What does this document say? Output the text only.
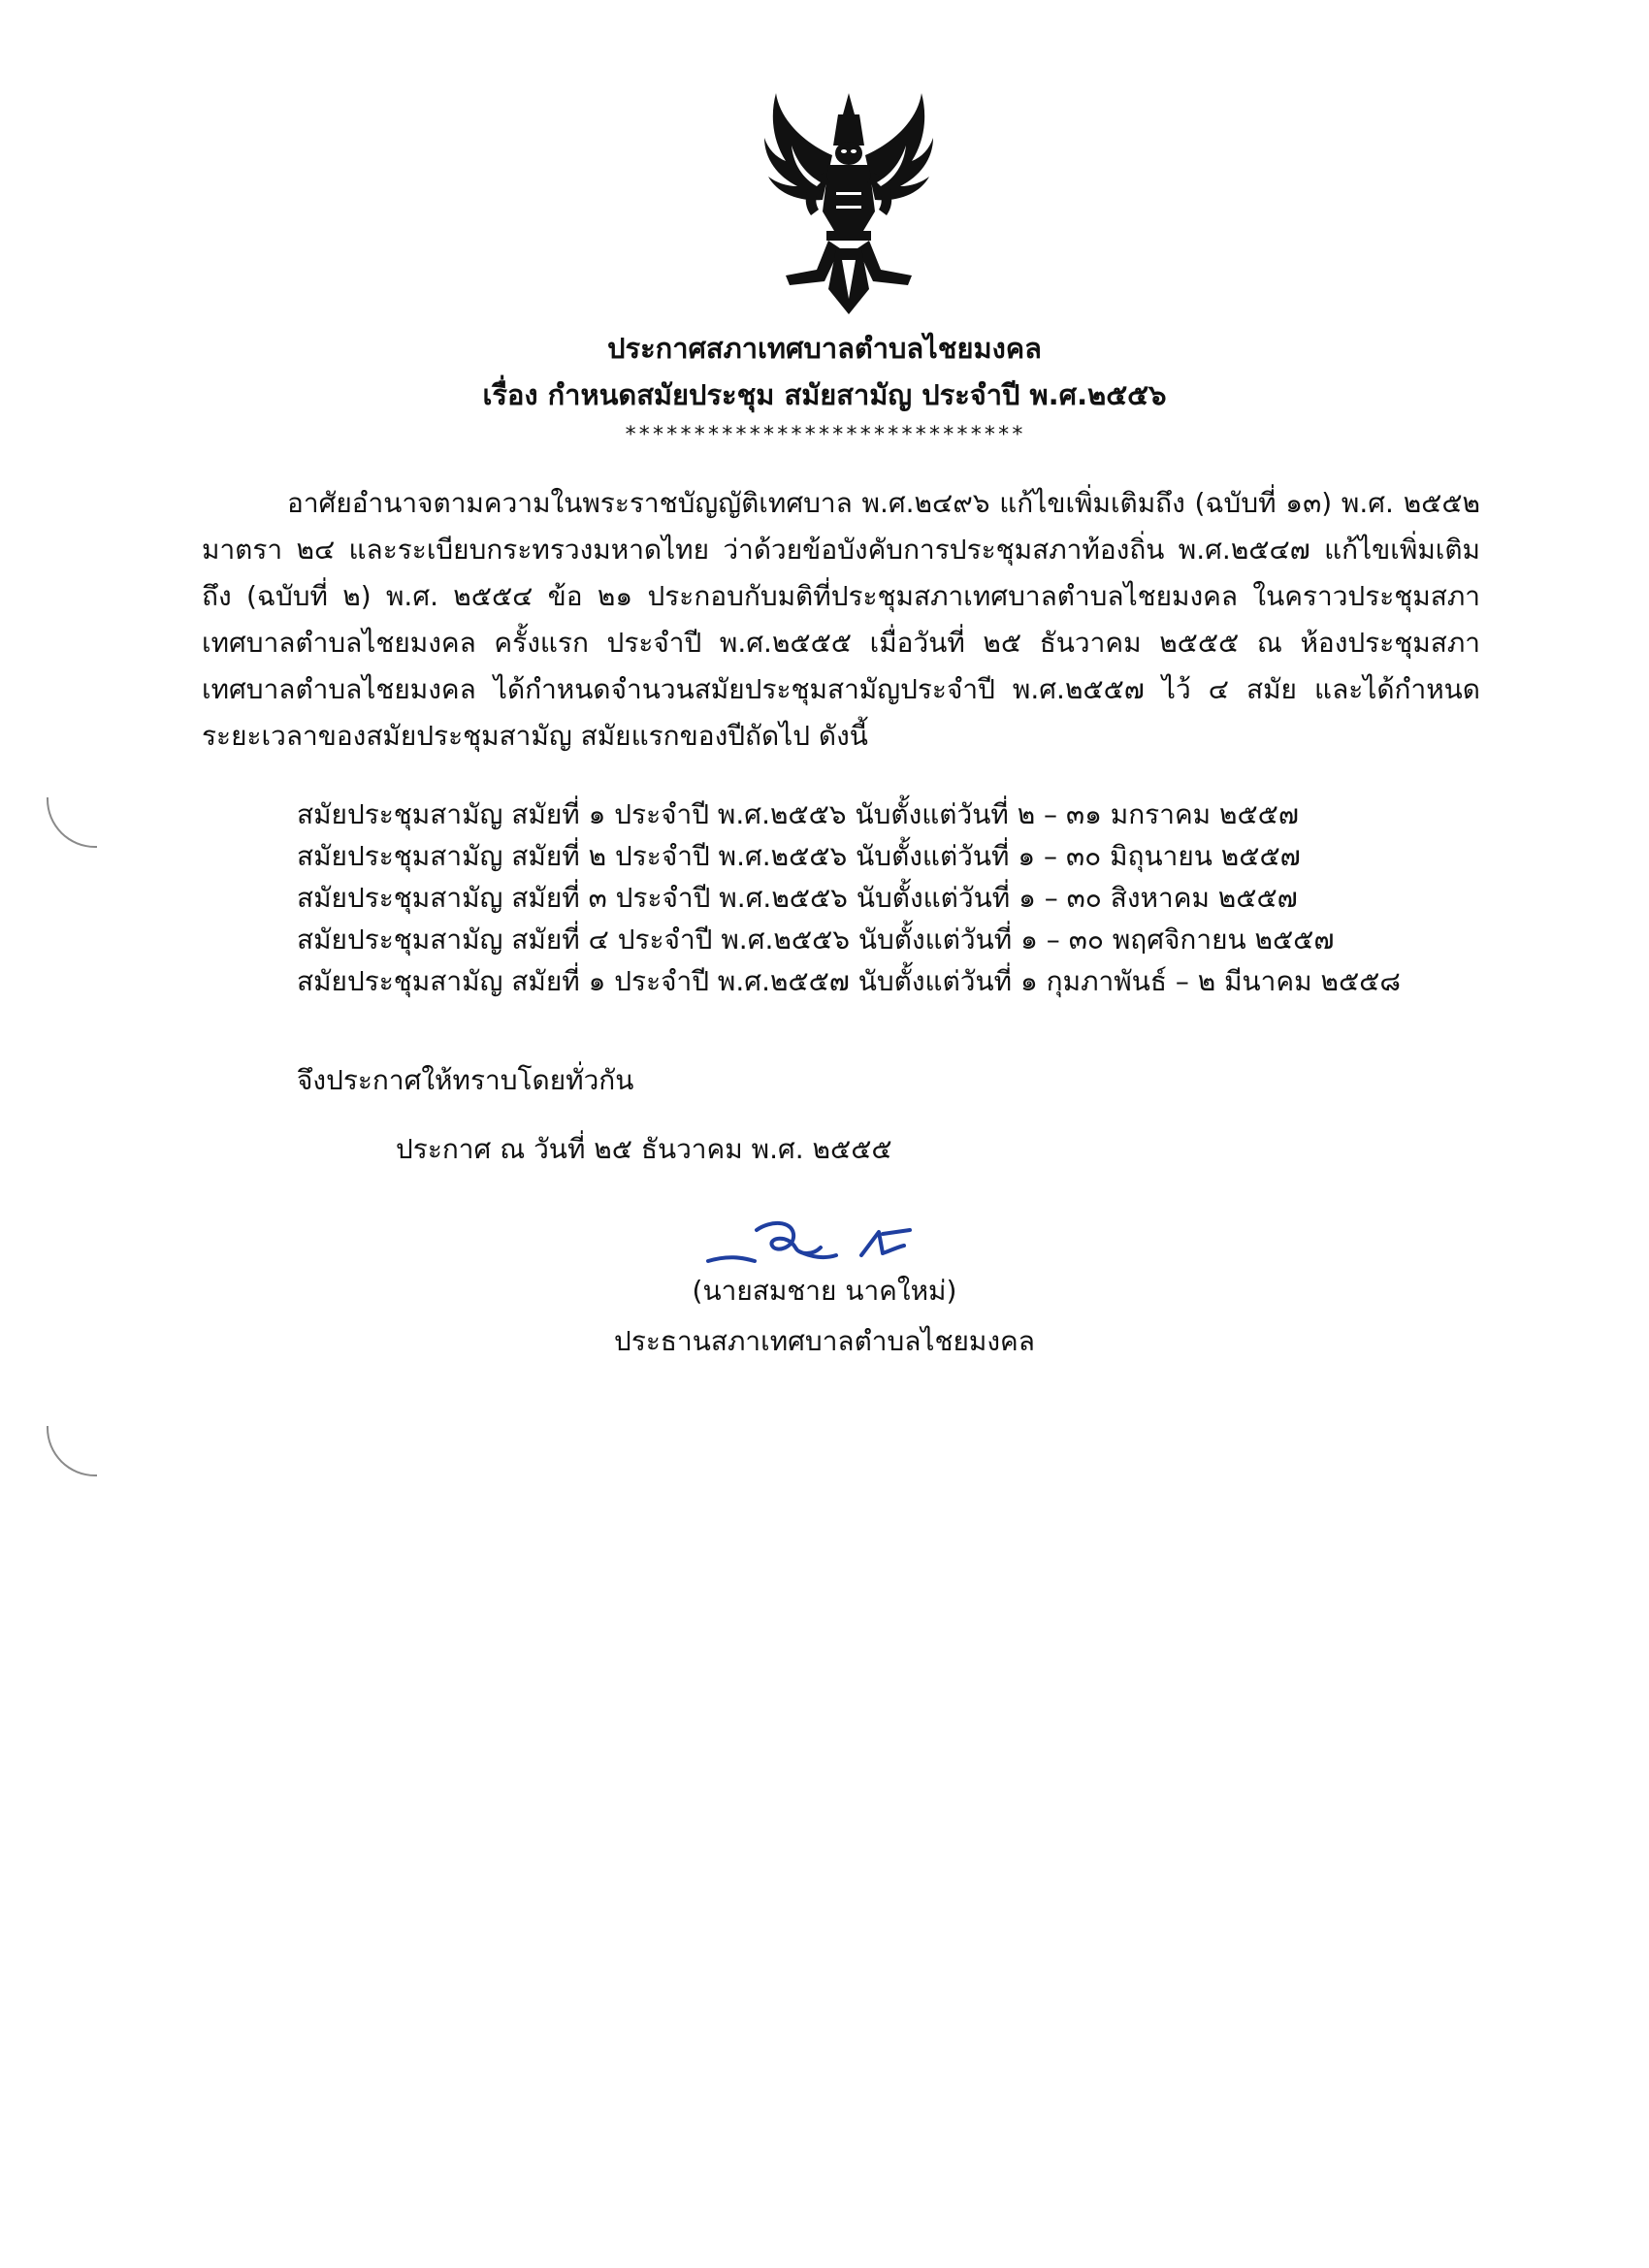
ประกาศสภาเทศบาลตำบลไชยมงคล
เรื่อง กำหนดสมัยประชุม สมัยสามัญ ประจำปี พ.ศ.๒๕๕๖
*****************************
อาศัยอำนาจตามความในพระราชบัญญัติเทศบาล พ.ศ.๒๔๙๖ แก้ไขเพิ่มเติมถึง (ฉบับที่ ๑๓) พ.ศ. ๒๕๕๒ มาตรา ๒๔ และระเบียบกระทรวงมหาดไทย ว่าด้วยข้อบังคับการประชุมสภาท้องถิ่น พ.ศ.๒๕๔๗ แก้ไขเพิ่มเติมถึง (ฉบับที่ ๒) พ.ศ. ๒๕๕๔ ข้อ ๒๑ ประกอบกับมติที่ประชุมสภาเทศบาลตำบลไชยมงคล ในคราวประชุมสภาเทศบาลตำบลไชยมงคล ครั้งแรก ประจำปี พ.ศ.๒๕๕๕ เมื่อวันที่ ๒๕ ธันวาคม ๒๕๕๕ ณ ห้องประชุมสภาเทศบาลตำบลไชยมงคล ได้กำหนดจำนวนสมัยประชุมสามัญประจำปี พ.ศ.๒๕๕๗ ไว้ ๔ สมัย และได้กำหนดระยะเวลาของสมัยประชุมสามัญ สมัยแรกของปีถัดไป ดังนี้
สมัยประชุมสามัญ สมัยที่ ๑ ประจำปี พ.ศ.๒๕๕๖ นับตั้งแต่วันที่ ๒ – ๓๑ มกราคม ๒๕๕๗
สมัยประชุมสามัญ สมัยที่ ๒ ประจำปี พ.ศ.๒๕๕๖ นับตั้งแต่วันที่ ๑ – ๓๐ มิถุนายน ๒๕๕๗
สมัยประชุมสามัญ สมัยที่ ๓ ประจำปี พ.ศ.๒๕๕๖ นับตั้งแต่วันที่ ๑ – ๓๐ สิงหาคม ๒๕๕๗
สมัยประชุมสามัญ สมัยที่ ๔ ประจำปี พ.ศ.๒๕๕๖ นับตั้งแต่วันที่ ๑ – ๓๐ พฤศจิกายน ๒๕๕๗
สมัยประชุมสามัญ สมัยที่ ๑ ประจำปี พ.ศ.๒๕๕๗ นับตั้งแต่วันที่ ๑ กุมภาพันธ์ – ๒ มีนาคม ๒๕๕๘
จึงประกาศให้ทราบโดยทั่วกัน
ประกาศ ณ วันที่ ๒๕ ธันวาคม พ.ศ. ๒๕๕๕
(นายสมชาย นาคใหม่)
ประธานสภาเทศบาลตำบลไชยมงคล
